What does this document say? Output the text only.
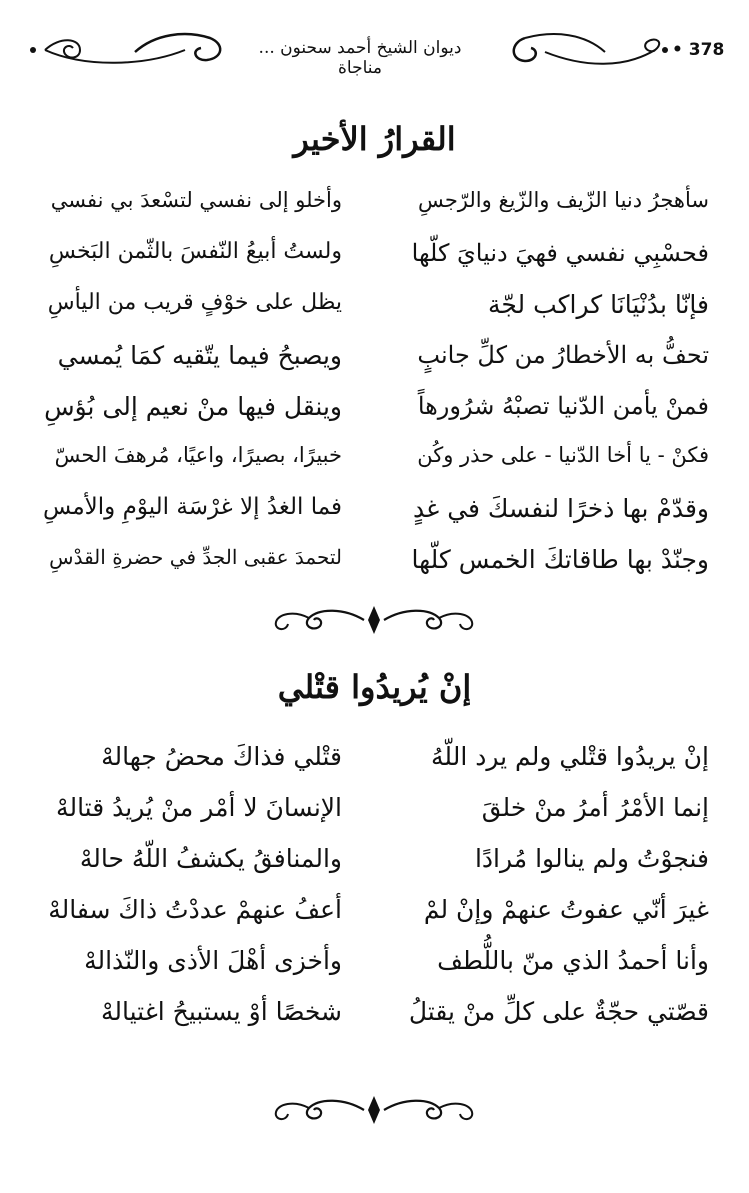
ديوان الشيخ أحمد سحنون ... مناجاة
• 378
القرارُ الأخير
سأهجرُ دنيا الزّيف والزّيغ والرّجسِ
وأخلو إلى نفسي لتسْعدَ بي نفسي
فحسْبِي نفسي فهيَ دنيايَ كلّها
ولستُ أبيعُ النّفسَ بالثّمن البَخسِ
فإنّا بدُنْيَانَا كراكب لجّة
يظل على خوْفٍ قريب من اليأسِ
تحفُّ به الأخطارُ من كلِّ جانبٍ
ويصبحُ فيما يتّقيه كمَا يُمسي
فمنْ يأمن الدّنيا تصبْهُ شرُورهاً
وينقل فيها منْ نعيم إلى بُؤسِ
فكنْ - يا أخا الدّنيا - على حذر وكُن
خبيرًا، بصيرًا، واعيًا، مُرهفَ الحسّ
وقدّمْ بها ذخرًا لنفسكَ في غدٍ
فما الغدُ إلا غرْسَة اليوْمِ والأمسِ
وجنّدْ بها طاقاتكَ الخمس كلّها
لتحمدَ عقبى الجدِّ في حضرةِ القدْسِ
إنْ يُريدُوا قتْلي
إنْ يريدُوا قتْلي ولم يرد اللّهُ
قتْلي فذاكَ محضُ جهالهْ
إنما الأمْرُ أمرُ منْ خلقَ
الإنسانَ لا أمْر منْ يُريدُ قتالهْ
فنجوْتُ ولم ينالوا مُرادًا
والمنافقُ يكشفُ اللّهُ حالهْ
غيرَ أنّي عفوتُ عنهمْ وإنْ لمْ
أعفُ عنهمْ عددْتُ ذاكَ سفالهْ
وأنا أحمدُ الذي منّ باللُّطف
وأخزى أهْلَ الأذى والنّذالهْ
قصّتي حجّةٌ على كلِّ منْ يقتلُ
شخصًا أوْ يستبيحُ اغتيالهْ
